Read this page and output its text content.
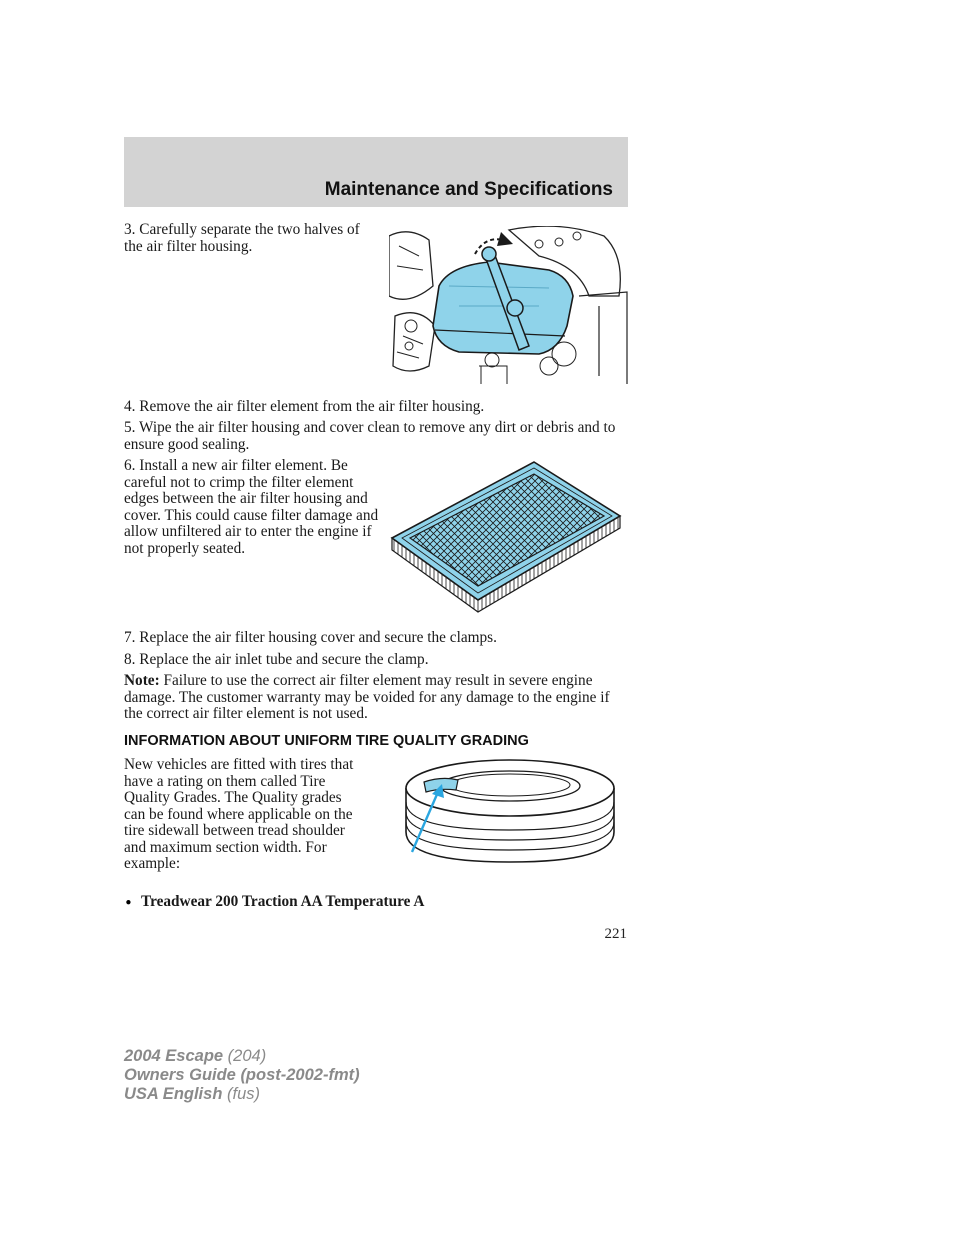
Maintenance and Specifications
3. Carefully separate the two halves of the air filter housing.
4. Remove the air filter element from the air filter housing.
5. Wipe the air filter housing and cover clean to remove any dirt or debris and to ensure good sealing.
6. Install a new air filter element. Be careful not to crimp the filter element edges between the air filter housing and cover. This could cause filter damage and allow unfiltered air to enter the engine if not properly seated.
7. Replace the air filter housing cover and secure the clamps.
8. Replace the air inlet tube and secure the clamp.
Note: Failure to use the correct air filter element may result in severe engine damage. The customer warranty may be voided for any damage to the engine if the correct air filter element is not used.
INFORMATION ABOUT UNIFORM TIRE QUALITY GRADING
New vehicles are fitted with tires that have a rating on them called Tire Quality Grades. The Quality grades can be found where applicable on the tire sidewall between tread shoulder and maximum section width. For example:
• Treadwear 200 Traction AA Temperature A
221
2004 Escape (204)
Owners Guide (post-2002-fmt)
USA English (fus)
